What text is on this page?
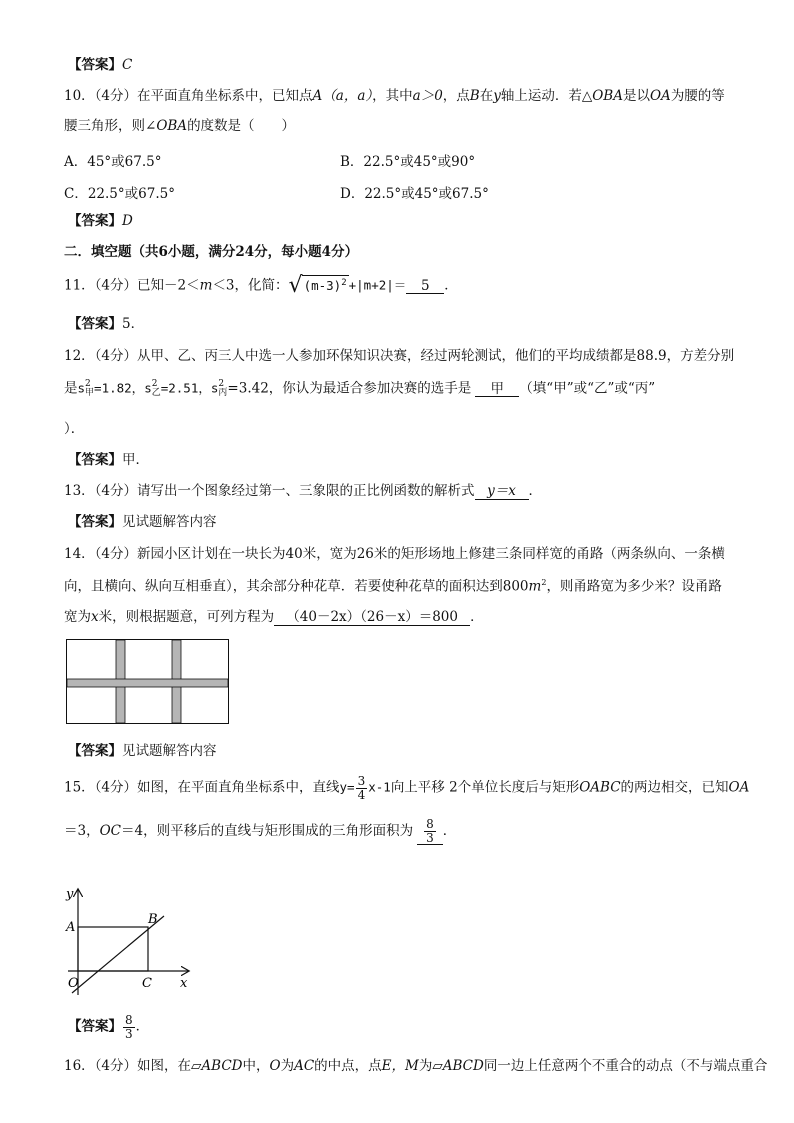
【答案】C
10．（4分）在平面直角坐标系中，已知点A（a，a），其中a＞0，点B在y轴上运动．若△OBA是以OA为腰的等
腰三角形，则∠OBA的度数是（　　）
A．45°或67.5°	B．22.5°或45°或90°
C．22.5°或67.5°	D．22.5°或45°或67.5°
【答案】D
二．填空题（共6小题，满分24分，每小题4分）
11．（4分）已知－2＜m＜3，化简： √ $(m-3)^2 +|m+2|= 5$ ．
【答案】5．
12．（4分）从甲、乙、丙三人中选一人参加环保知识决赛，经过两轮测试，他们的平均成绩都是88.9，方差分别
是s 2
甲 =1.82，s 2
乙 =2.51，s 2
丙 =3.42，你认为最适合参加决赛的选手是 甲 （填“甲”或“乙”或“丙”
）．
【答案】甲．
13．（4分）请写出一个图象经过第一、三象限的正比例函数的解析式 y＝x ．
【答案】见试题解答内容
14．（4分）新园小区计划在一块长为40米，宽为26米的矩形场地上修建三条同样宽的甬路（两条纵向、一条横
向，且横向、纵向互相垂直），其余部分种花草．若要使种花草的面积达到$800m^2$，则甬路宽为多少米？设甬路
宽为x米，则根据题意，可列方程为 （40－2x）（26－x）＝800 ．
【答案】见试题解答内容
15．（4分）如图，在平面直角坐标系中，直线$y= \frac{3}{4} x-1$向上平移 2个单位长度后与矩形OABC的两边相交，已知OA
＝3，OC＝4，则平移后的直线与矩形围成的三角形面积为 $\frac{8}{3}$ ．
y
A
B
O	C x
【答案】 $\frac{8}{3}$ ．
16．（4分）如图，在▱ABCD中，O为AC的中点，点E，M为▱ABCD同一边上任意两个不重合的动点（不与端点重合
